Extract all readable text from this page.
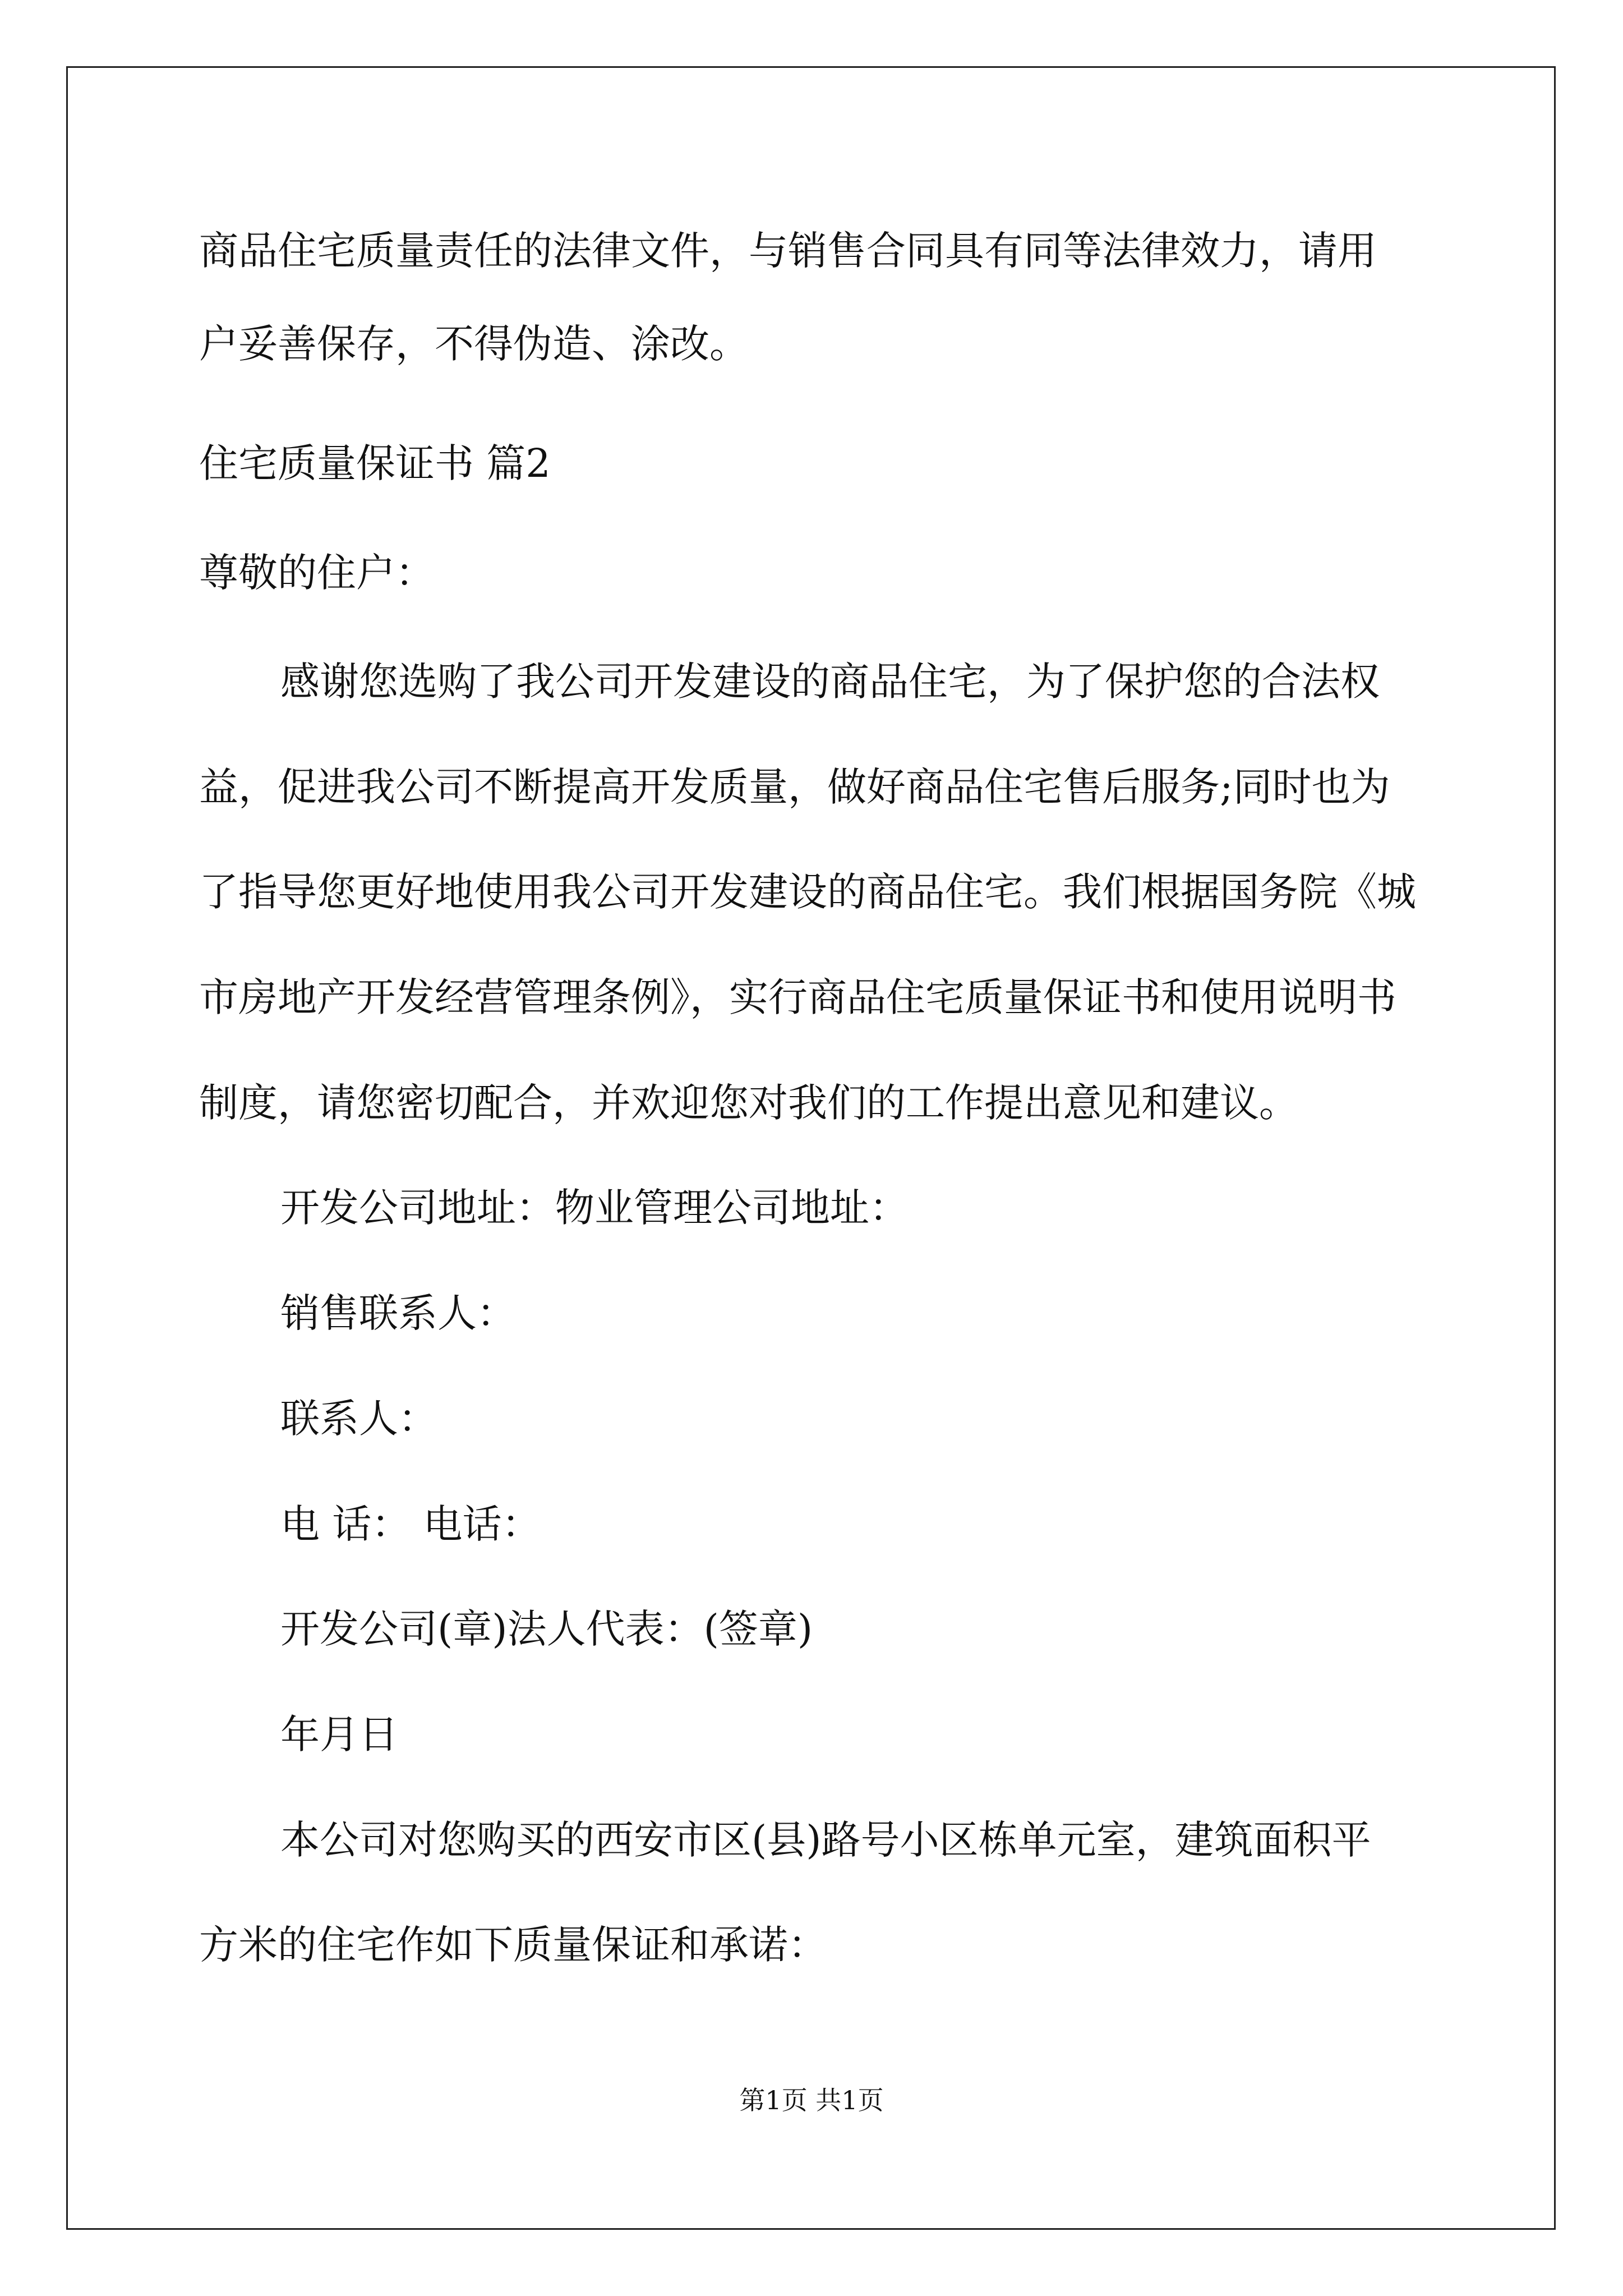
商品住宅质量责任的法律文件，与销售合同具有同等法律效力，请用
户妥善保存，不得伪造、涂改。
住宅质量保证书 篇2
尊敬的住户：
感谢您选购了我公司开发建设的商品住宅，为了保护您的合法权
益，促进我公司不断提高开发质量，做好商品住宅售后服务;同时也为
了指导您更好地使用我公司开发建设的商品住宅。我们根据国务院《城
市房地产开发经营管理条例》，实行商品住宅质量保证书和使用说明书
制度，请您密切配合，并欢迎您对我们的工作提出意见和建议。
开发公司地址：物业管理公司地址：
销售联系人：
联系人：
电 话： 电话：
开发公司(章)法人代表：(签章)
年月日
本公司对您购买的西安市区(县)路号小区栋单元室，建筑面积平
方米的住宅作如下质量保证和承诺：
第1页 共1页
